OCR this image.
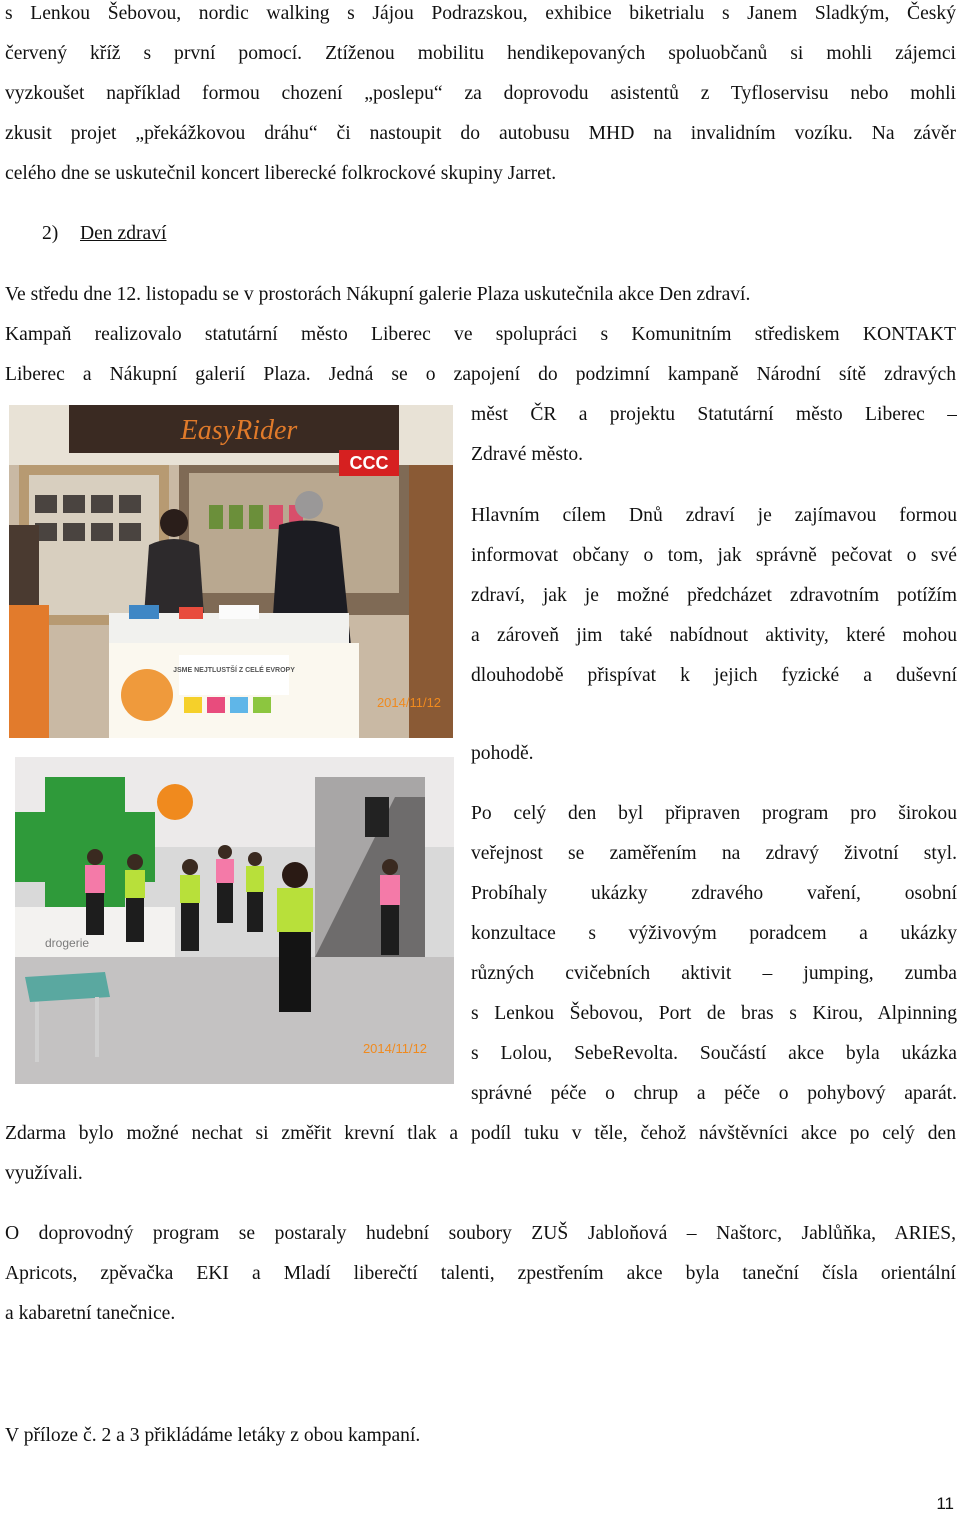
s Lenkou Šebovou, nordic walking s Jájou Podrazskou, exhibice biketrialu s Janem Sladkým, Český
červený kříž s první pomocí. Ztíženou mobilitu hendikepovaných spoluobčanů si mohli zájemci
vyzkoušet například formou chození „poslepu“ za doprovodu asistentů z Tyfloservisu nebo mohli
zkusit projet „překážkovou dráhu“ či nastoupit do autobusu MHD na invalidním vozíku. Na závěr
celého dne se uskutečnil koncert liberecké folkrockové skupiny Jarret.
2) Den zdraví
Ve středu dne 12. listopadu se v prostorách Nákupní galerie Plaza uskutečnila akce Den zdraví.
Kampaň realizovalo statutární město Liberec ve spolupráci s Komunitním střediskem KONTAKT
Liberec a Nákupní galerií Plaza. Jedná se o zapojení do podzimní kampaně Národní sítě zdravých
měst ČR a projektu Statutární město Liberec –
Zdravé město.
Hlavním cílem Dnů zdraví je zajímavou formou
informovat občany o tom, jak správně pečovat o své
zdraví, jak je možné předcházet zdravotním potížím
a zároveň jim také nabídnout aktivity, které mohou
dlouhodobě přispívat k jejich fyzické a duševní
pohodě.
Po celý den byl připraven program pro širokou
veřejnost se zaměřením na zdravý životní styl.
Probíhaly ukázky zdravého vaření, osobní
konzultace s výživovým poradcem a ukázky
různých cvičebních aktivit – jumping, zumba
s Lenkou Šebovou, Port de bras s Kirou, Alpinning
s Lolou, SebeRevolta. Součástí akce byla ukázka
správné péče o chrup a péče o pohybový aparát.
Zdarma bylo možné nechat si změřit krevní tlak a podíl tuku v těle, čehož návštěvníci akce po celý den
využívali.
O doprovodný program se postaraly hudební soubory ZUŠ Jabloňová – Naštorc, Jablůňka, ARIES,
Apricots, zpěvačka EKI a Mladí liberečtí talenti, zpestřením akce byla taneční čísla orientální
a kabaretní tanečnice.
V příloze č. 2 a 3 přikládáme letáky z obou kampaní.
EasyRider
CCC
JSME NEJTLUSTŠÍ Z CELÉ EVROPY
2014/11/12
drogerie
2014/11/12
11
